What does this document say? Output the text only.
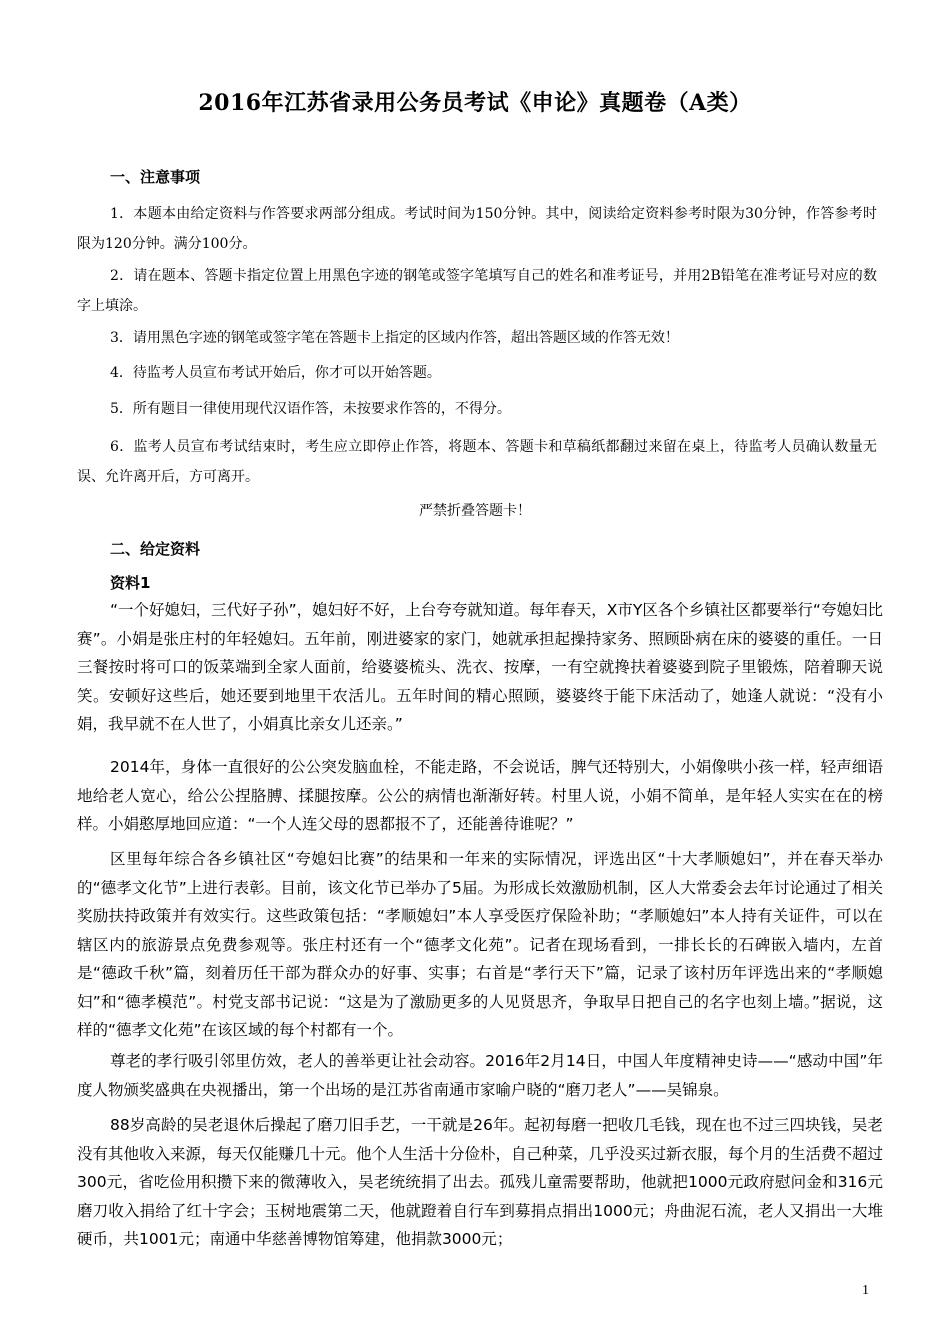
2016年江苏省录用公务员考试《申论》真题卷（A类）
一、注意事项
1．本题本由给定资料与作答要求两部分组成。考试时间为150分钟。其中，阅读给定资料参考时限为30分钟，作答参考时限为120分钟。满分100分。
2．请在题本、答题卡指定位置上用黑色字迹的钢笔或签字笔填写自己的姓名和准考证号，并用2B铅笔在准考证号对应的数字上填涂。
3．请用黑色字迹的钢笔或签字笔在答题卡上指定的区域内作答，超出答题区域的作答无效！
4．待监考人员宣布考试开始后，你才可以开始答题。
5．所有题目一律使用现代汉语作答，未按要求作答的，不得分。
6．监考人员宣布考试结束时，考生应立即停止作答，将题本、答题卡和草稿纸都翻过来留在桌上，待监考人员确认数量无误、允许离开后，方可离开。
严禁折叠答题卡！
二、给定资料
资料1
“一个好媳妇，三代好子孙”，媳妇好不好，上台夸夸就知道。每年春天，X市Y区各个乡镇社区都要举行“夸媳妇比赛”。小娟是张庄村的年轻媳妇。五年前，刚进婆家的家门，她就承担起操持家务、照顾卧病在床的婆婆的重任。一日三餐按时将可口的饭菜端到全家人面前，给婆婆梳头、洗衣、按摩，一有空就搀扶着婆婆到院子里锻炼，陪着聊天说笑。安顿好这些后，她还要到地里干农活儿。五年时间的精心照顾，婆婆终于能下床活动了，她逢人就说：“没有小娟，我早就不在人世了，小娟真比亲女儿还亲。”
2014年，身体一直很好的公公突发脑血栓，不能走路，不会说话，脾气还特别大，小娟像哄小孩一样，轻声细语地给老人宽心，给公公捏胳膊、揉腿按摩。公公的病情也渐渐好转。村里人说，小娟不简单，是年轻人实实在在的榜样。小娟憨厚地回应道：“一个人连父母的恩都报不了，还能善待谁呢？”
区里每年综合各乡镇社区“夸媳妇比赛”的结果和一年来的实际情况，评选出区“十大孝顺媳妇”，并在春天举办的“德孝文化节”上进行表彰。目前，该文化节已举办了5届。为形成长效激励机制，区人大常委会去年讨论通过了相关奖励扶持政策并有效实行。这些政策包括：“孝顺媳妇”本人享受医疗保险补助；“孝顺媳妇”本人持有关证件，可以在辖区内的旅游景点免费参观等。张庄村还有一个“德孝文化苑”。记者在现场看到，一排长长的石碑嵌入墙内，左首是“德政千秋”篇，刻着历任干部为群众办的好事、实事；右首是“孝行天下”篇，记录了该村历年评选出来的“孝顺媳妇”和“德孝模范”。村党支部书记说：“这是为了激励更多的人见贤思齐，争取早日把自己的名字也刻上墙。”据说，这样的“德孝文化苑”在该区域的每个村都有一个。
尊老的孝行吸引邻里仿效，老人的善举更让社会动容。2016年2月14日，中国人年度精神史诗——“感动中国”年度人物颁奖盛典在央视播出，第一个出场的是江苏省南通市家喻户晓的“磨刀老人”——吴锦泉。
88岁高龄的吴老退休后操起了磨刀旧手艺，一干就是26年。起初每磨一把收几毛钱，现在也不过三四块钱，吴老没有其他收入来源，每天仅能赚几十元。他个人生活十分俭朴，自己种菜，几乎没买过新衣服，每个月的生活费不超过300元，省吃俭用积攒下来的微薄收入，吴老统统捐了出去。孤残儿童需要帮助，他就把1000元政府慰问金和316元磨刀收入捐给了红十字会；玉树地震第二天，他就蹬着自行车到募捐点捐出1000元；舟曲泥石流，老人又捐出一大堆硬币，共1001元；南通中华慈善博物馆筹建，他捐款3000元；
1
